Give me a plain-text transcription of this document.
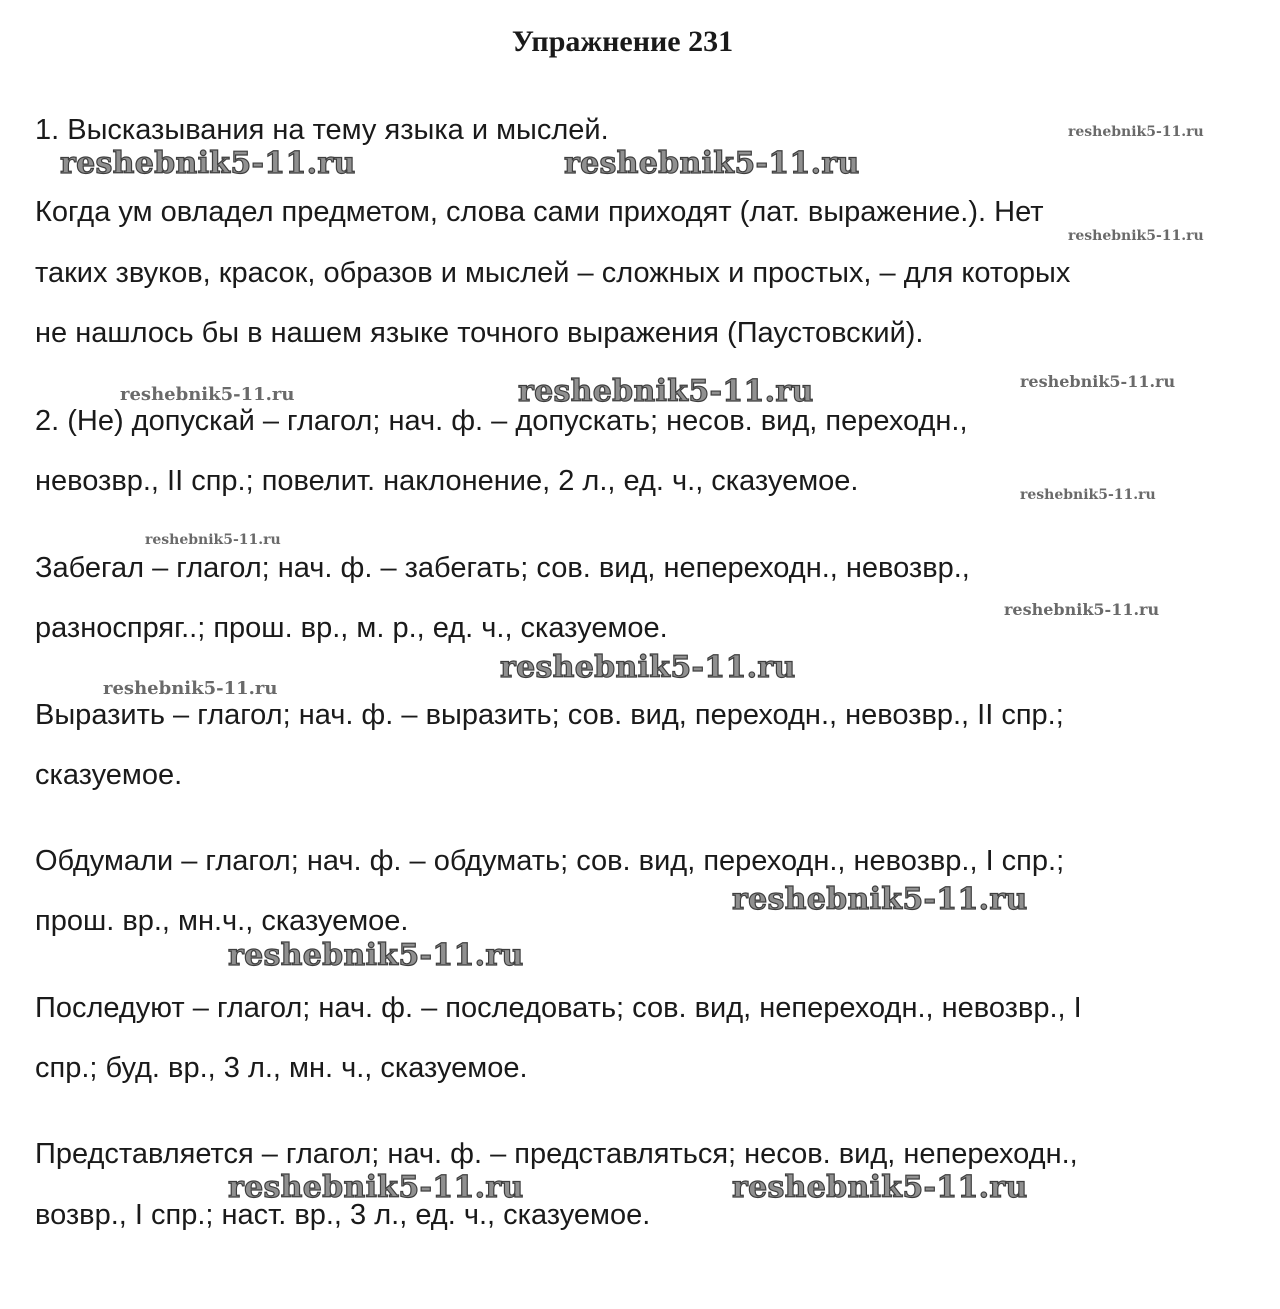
Упражнение 231
1. Высказывания на тему языка и мыслей.
Когда ум овладел предметом, слова сами приходят (лат. выражение.). Нет
таких звуков, красок, образов и мыслей – сложных и простых, – для которых
не нашлось бы в нашем языке точного выражения (Паустовский).
2. (Не) допускай – глагол; нач. ф. – допускать; несов. вид, переходн.,
невозвр., II спр.; повелит. наклонение, 2 л., ед. ч., сказуемое.
Забегал – глагол; нач. ф. – забегать; сов. вид, непереходн., невозвр.,
разноспряг..; прош. вр., м. р., ед. ч., сказуемое.
Выразить – глагол; нач. ф. – выразить; сов. вид, переходн., невозвр., II спр.;
сказуемое.
Обдумали – глагол; нач. ф. – обдумать; сов. вид, переходн., невозвр., I спр.;
прош. вр., мн.ч., сказуемое.
Последуют – глагол; нач. ф. – последовать; сов. вид, непереходн., невозвр., I
спр.; буд. вр., 3 л., мн. ч., сказуемое.
Представляется – глагол; нач. ф. – представляться; несов. вид, непереходн.,
возвр., I спр.; наст. вр., 3 л., ед. ч., сказуемое.
reshebnik5-11.ru
reshebnik5-11.ru	reshebnik5-11.ru
reshebnik5-11.ru
reshebnik5-11.ru	reshebnik5-11.ru	reshebnik5-11.ru
reshebnik5-11.ru
reshebnik5-11.ru
reshebnik5-11.ru
reshebnik5-11.ru
reshebnik5-11.ru
reshebnik5-11.ru
reshebnik5-11.ru
reshebnik5-11.ru	reshebnik5-11.ru
